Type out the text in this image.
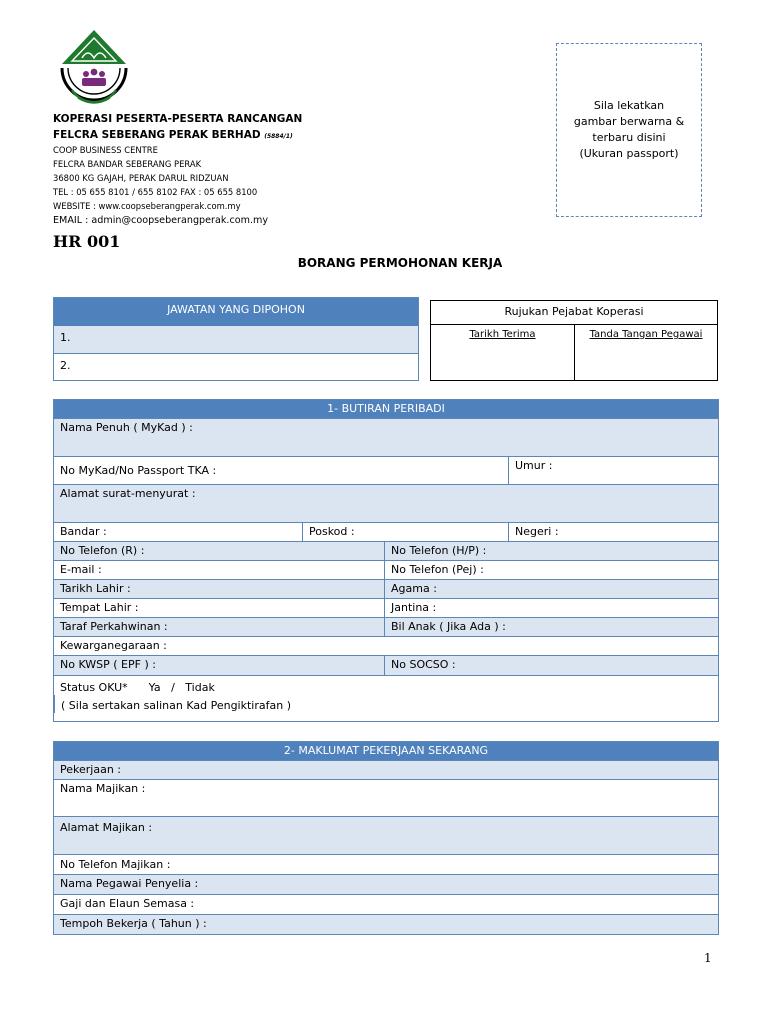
KOPERASI PESERTA-PESERTA RANCANGAN
FELCRA SEBERANG PERAK BERHAD (5884/1)
COOP BUSINESS CENTRE
FELCRA BANDAR SEBERANG PERAK
36800 KG GAJAH, PERAK DARUL RIDZUAN
TEL : 05 655 8101 / 655 8102 FAX : 05 655 8100
WEBSITE : www.coopseberangperak.com.my
EMAIL : admin@coopseberangperak.com.my
Sila lekatkan
gambar berwarna &
terbaru disini
(Ukuran passport)
HR 001
BORANG PERMOHONAN KERJA
JAWATAN YANG DIPOHON
1.
2.
Rujukan Pejabat Koperasi
Tarikh Terima	Tanda Tangan Pegawai
1- BUTIRAN PERIBADI
Nama Penuh ( MyKad ) :
No MyKad/No Passport TKA :	Umur :
Alamat surat-menyurat :
Bandar :	Poskod :	Negeri :
No Telefon (R) :	No Telefon (H/P) :
E-mail :	No Telefon (Pej) :
Tarikh Lahir :	Agama :
Tempat Lahir :	Jantina :
Taraf Perkahwinan :	Bil Anak ( Jika Ada ) :
Kewarganegaraan :
No KWSP ( EPF ) :	No SOCSO :
Status OKU*      Ya   /   Tidak
( Sila sertakan salinan Kad Pengiktirafan )
2- MAKLUMAT PEKERJAAN SEKARANG
Pekerjaan :
Nama Majikan :
Alamat Majikan :
No Telefon Majikan :
Nama Pegawai Penyelia :
Gaji dan Elaun Semasa :
Tempoh Bekerja ( Tahun ) :
1
